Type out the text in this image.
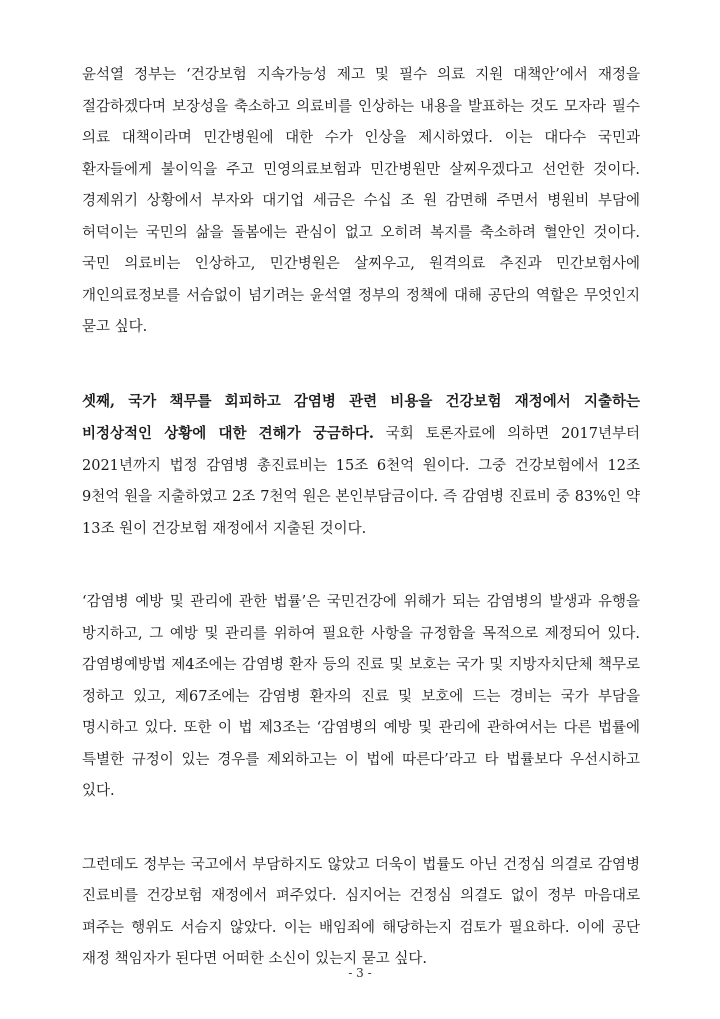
윤석열 정부는 ‘건강보험 지속가능성 제고 및 필수 의료 지원 대책안’에서 재정을 절감하겠다며 보장성을 축소하고 의료비를 인상하는 내용을 발표하는 것도 모자라 필수 의료 대책이라며 민간병원에 대한 수가 인상을 제시하였다. 이는 대다수 국민과 환자들에게 불이익을 주고 민영의료보험과 민간병원만 살찌우겠다고 선언한 것이다. 경제위기 상황에서 부자와 대기업 세금은 수십 조 원 감면해 주면서 병원비 부담에 허덕이는 국민의 삶을 돌봄에는 관심이 없고 오히려 복지를 축소하려 혈안인 것이다. 국민 의료비는 인상하고, 민간병원은 살찌우고, 원격의료 추진과 민간보험사에 개인의료정보를 서슴없이 넘기려는 윤석열 정부의 정책에 대해 공단의 역할은 무엇인지 묻고 싶다.

셋째, 국가 책무를 회피하고 감염병 관련 비용을 건강보험 재정에서 지출하는 비정상적인 상황에 대한 견해가 궁금하다. 국회 토론자료에 의하면 2017년부터 2021년까지 법정 감염병 총진료비는 15조 6천억 원이다. 그중 건강보험에서 12조 9천억 원을 지출하였고 2조 7천억 원은 본인부담금이다. 즉 감염병 진료비 중 83%인 약 13조 원이 건강보험 재정에서 지출된 것이다.

‘감염병 예방 및 관리에 관한 법률’은 국민건강에 위해가 되는 감염병의 발생과 유행을 방지하고, 그 예방 및 관리를 위하여 필요한 사항을 규정함을 목적으로 제정되어 있다. 감염병예방법 제4조에는 감염병 환자 등의 진료 및 보호는 국가 및 지방자치단체 책무로 정하고 있고, 제67조에는 감염병 환자의 진료 및 보호에 드는 경비는 국가 부담을 명시하고 있다. 또한 이 법 제3조는 ‘감염병의 예방 및 관리에 관하여서는 다른 법률에 특별한 규정이 있는 경우를 제외하고는 이 법에 따른다’라고 타 법률보다 우선시하고 있다.

그런데도 정부는 국고에서 부담하지도 않았고 더욱이 법률도 아닌 건정심 의결로 감염병 진료비를 건강보험 재정에서 펴주었다. 심지어는 건정심 의결도 없이 정부 마음대로 펴주는 행위도 서슴지 않았다. 이는 배임죄에 해당하는지 검토가 필요하다. 이에 공단 재정 책임자가 된다면 어떠한 소신이 있는지 묻고 싶다.

- 3 -
